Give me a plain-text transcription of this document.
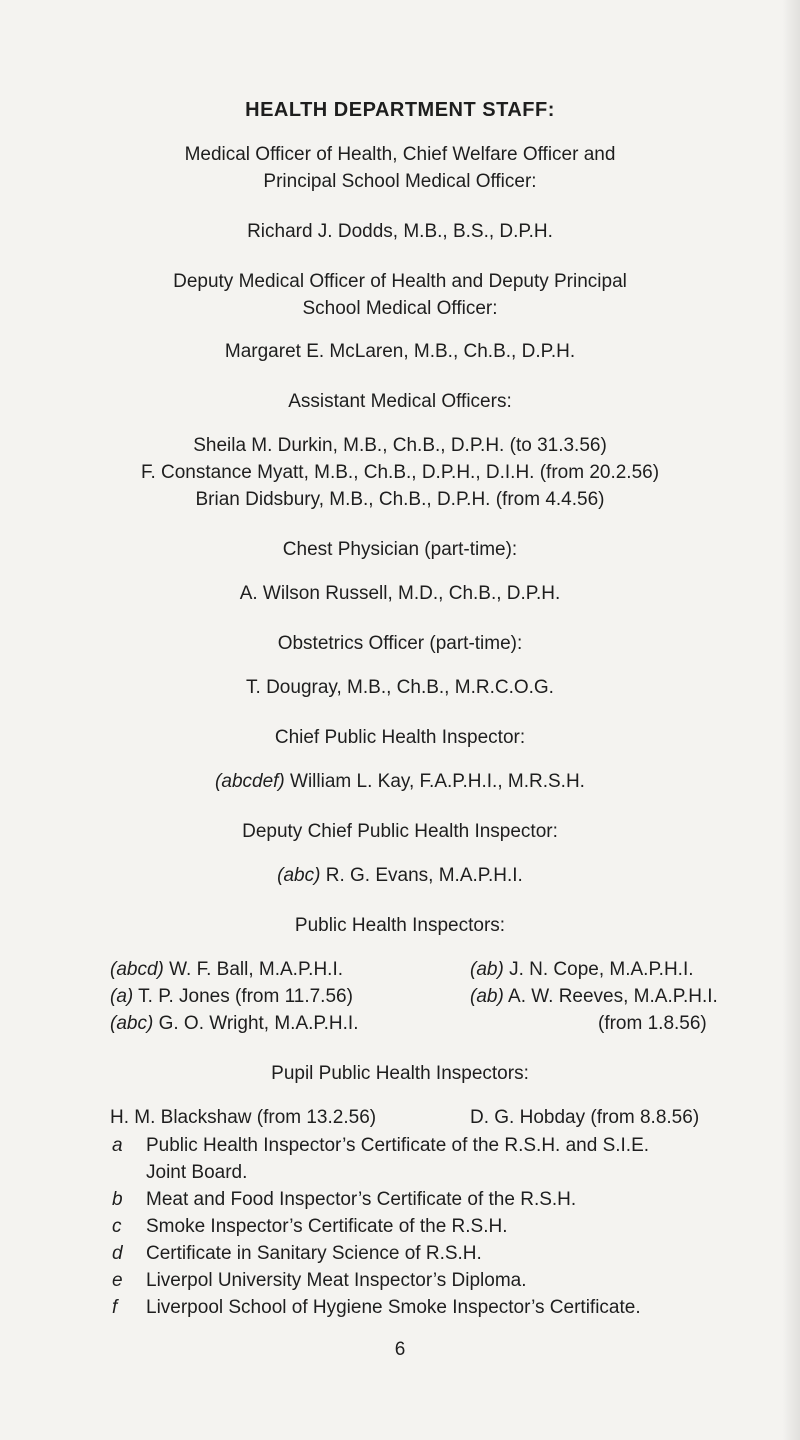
HEALTH DEPARTMENT STAFF:
Medical Officer of Health, Chief Welfare Officer and
Principal School Medical Officer:
Richard J. Dodds, M.B., B.S., D.P.H.
Deputy Medical Officer of Health and Deputy Principal
School Medical Officer:
Margaret E. McLaren, M.B., Ch.B., D.P.H.
Assistant Medical Officers:
Sheila M. Durkin, M.B., Ch.B., D.P.H. (to 31.3.56)
F. Constance Myatt, M.B., Ch.B., D.P.H., D.I.H. (from 20.2.56)
Brian Didsbury, M.B., Ch.B., D.P.H. (from 4.4.56)
Chest Physician (part-time):
A. Wilson Russell, M.D., Ch.B., D.P.H.
Obstetrics Officer (part-time):
T. Dougray, M.B., Ch.B., M.R.C.O.G.
Chief Public Health Inspector:
(abcdef) William L. Kay, F.A.P.H.I., M.R.S.H.
Deputy Chief Public Health Inspector:
(abc) R. G. Evans, M.A.P.H.I.
Public Health Inspectors:
(abcd) W. F. Ball, M.A.P.H.I.
(a) T. P. Jones (from 11.7.56)
(abc) G. O. Wright, M.A.P.H.I.
(ab) J. N. Cope, M.A.P.H.I.
(ab) A. W. Reeves, M.A.P.H.I.
(from 1.8.56)
Pupil Public Health Inspectors:
H. M. Blackshaw (from 13.2.56)	D. G. Hobday (from 8.8.56)
a Public Health Inspector’s Certificate of the R.S.H. and S.I.E.
Joint Board.
b Meat and Food Inspector’s Certificate of the R.S.H.
c Smoke Inspector’s Certificate of the R.S.H.
d Certificate in Sanitary Science of R.S.H.
e Liverpol University Meat Inspector’s Diploma.
f Liverpool School of Hygiene Smoke Inspector’s Certificate.
6
